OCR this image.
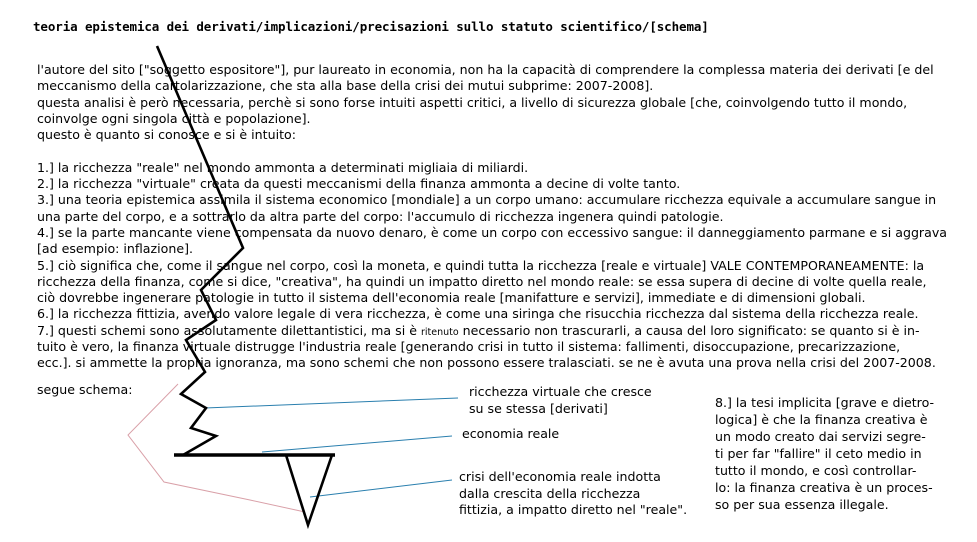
teoria epistemica dei derivati/implicazioni/precisazioni sullo statuto scientifico/[schema]
l'autore del sito ["soggetto espositore"], pur laureato in economia, non ha la capacità di comprendere la complessa materia dei derivati [e del
meccanismo della cartolarizzazione, che sta alla base della crisi dei mutui subprime: 2007-2008].
questa analisi è però necessaria, perchè si sono forse intuiti aspetti critici, a livello di sicurezza globale [che, coinvolgendo tutto il mondo,
coinvolge ogni singola città e popolazione].
questo è quanto si conosce e si è intuito:
1.] la ricchezza "reale" nel mondo ammonta a determinati migliaia di miliardi.
2.] la ricchezza "virtuale" creata da questi meccanismi della finanza ammonta a decine di volte tanto.
3.] una teoria epistemica assimila il sistema economico [mondiale] a un corpo umano: accumulare ricchezza equivale a accumulare sangue in
una parte del corpo, e a sottrarlo da altra parte del corpo: l'accumulo di ricchezza ingenera quindi patologie.
4.] se la parte mancante viene compensata da nuovo denaro, è come un corpo con eccessivo sangue: il danneggiamento parmane e si aggrava
[ad esempio: inflazione].
5.] ciò significa che, come il sangue nel corpo, così la moneta, e quindi tutta la ricchezza [reale e virtuale] VALE CONTEMPORANEAMENTE: la
ricchezza della finanza, come si dice, "creativa", ha quindi un impatto diretto nel mondo reale: se essa supera di decine di volte quella reale,
ciò dovrebbe ingenerare patologie in tutto il sistema dell'economia reale [manifatture e servizi], immediate e di dimensioni globali.
6.] la ricchezza fittizia, avendo valore legale di vera ricchezza, è come una siringa che risucchia ricchezza dal sistema della ricchezza reale.
7.] questi schemi sono assolutamente dilettantistici, ma si è ritenuto necessario non trascurarli, a causa del loro significato: se quanto si è in-
tuito è vero, la finanza virtuale distrugge l'industria reale [generando crisi in tutto il sistema: fallimenti, disoccupazione, precarizzazione,
ecc.]. si ammette la propria ignoranza, ma sono schemi che non possono essere tralasciati. se ne è avuta una prova nella crisi del 2007-2008.
segue schema:	ricchezza virtuale che cresce
su se stessa [derivati]
economia reale
crisi dell'economia reale indotta
dalla crescita della ricchezza
fittizia, a impatto diretto nel "reale".
8.] la tesi implicita [grave e dietro-
logica] è che la finanza creativa è
un modo creato dai servizi segre-
ti per far "fallire" il ceto medio in
tutto il mondo, e così controllar-
lo: la finanza creativa è un proces-
so per sua essenza illegale.
